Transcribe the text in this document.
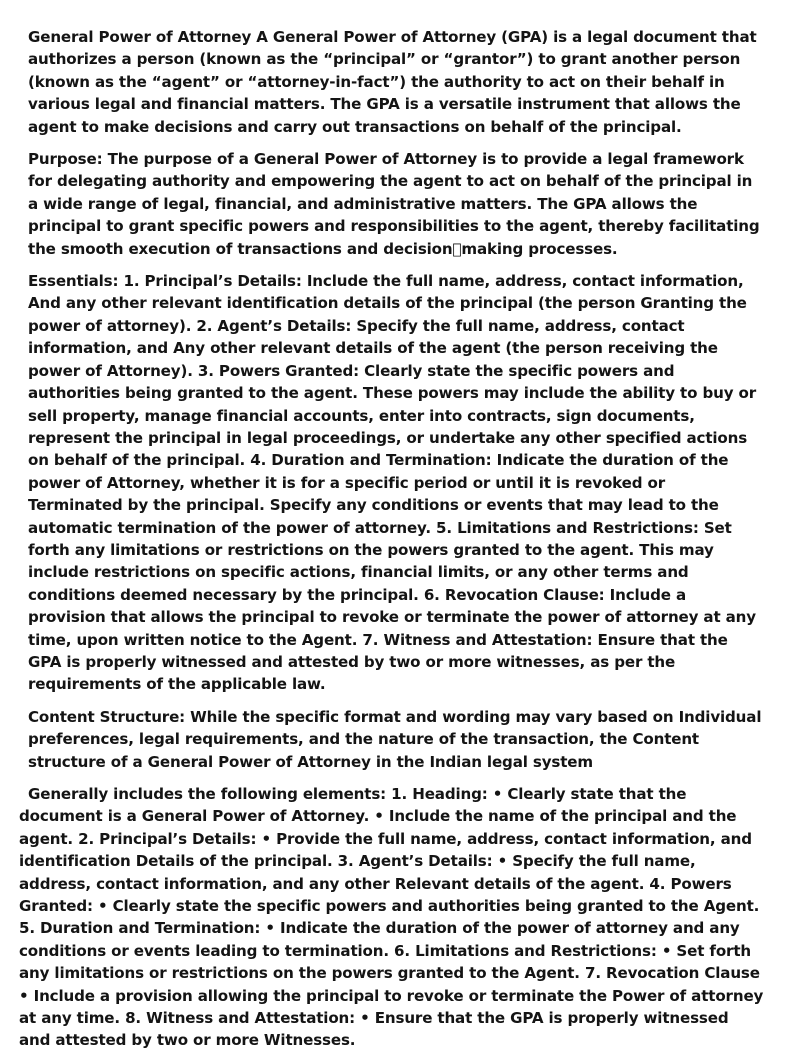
General Power of Attorney A General Power of Attorney (GPA) is a legal document that authorizes a person (known as the “principal” or “grantor”) to grant another person (known as the “agent” or “attorney-in-fact”) the authority to act on their behalf in various legal and financial matters. The GPA is a versatile instrument that allows the agent to make decisions and carry out transactions on behalf of the principal.

Purpose: The purpose of a General Power of Attorney is to provide a legal framework for delegating authority and empowering the agent to act on behalf of the principal in a wide range of legal, financial, and administrative matters. The GPA allows the principal to grant specific powers and responsibilities to the agent, thereby facilitating the smooth execution of transactions and decision making processes.

Essentials: 1. Principal’s Details: Include the full name, address, contact information, And any other relevant identification details of the principal (the person Granting the power of attorney). 2. Agent’s Details: Specify the full name, address, contact information, and Any other relevant details of the agent (the person receiving the power of Attorney). 3. Powers Granted: Clearly state the specific powers and authorities being granted to the agent. These powers may include the ability to buy or sell property, manage financial accounts, enter into contracts, sign documents, represent the principal in legal proceedings, or undertake any other specified actions on behalf of the principal. 4. Duration and Termination: Indicate the duration of the power of Attorney, whether it is for a specific period or until it is revoked or Terminated by the principal. Specify any conditions or events that may lead to the automatic termination of the power of attorney. 5. Limitations and Restrictions: Set forth any limitations or restrictions on the powers granted to the agent. This may include restrictions on specific actions, financial limits, or any other terms and conditions deemed necessary by the principal. 6. Revocation Clause: Include a provision that allows the principal to revoke or terminate the power of attorney at any time, upon written notice to the Agent. 7. Witness and Attestation: Ensure that the GPA is properly witnessed and attested by two or more witnesses, as per the requirements of the applicable law.

Content Structure: While the specific format and wording may vary based on Individual preferences, legal requirements, and the nature of the transaction, the Content structure of a General Power of Attorney in the Indian legal system

Generally includes the following elements: 1. Heading: • Clearly state that the document is a General Power of Attorney. • Include the name of the principal and the agent. 2. Principal’s Details: • Provide the full name, address, contact information, and identification Details of the principal. 3. Agent’s Details: • Specify the full name, address, contact information, and any other Relevant details of the agent. 4. Powers Granted: • Clearly state the specific powers and authorities being granted to the Agent. 5. Duration and Termination: • Indicate the duration of the power of attorney and any conditions or events leading to termination. 6. Limitations and Restrictions: • Set forth any limitations or restrictions on the powers granted to the Agent. 7. Revocation Clause • Include a provision allowing the principal to revoke or terminate the Power of attorney at any time. 8. Witness and Attestation: • Ensure that the GPA is properly witnessed and attested by two or more Witnesses.
